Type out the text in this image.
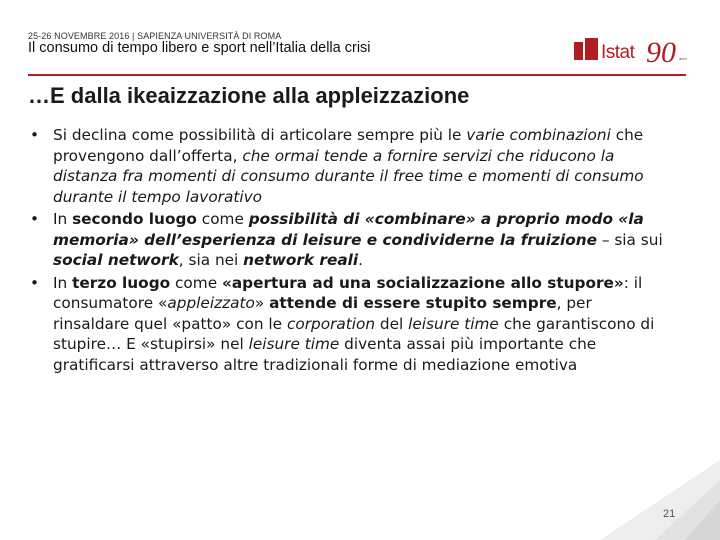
25-26 NOVEMBRE 2016 | SAPIENZA UNIVERSITÀ DI ROMA
Il consumo di tempo libero e sport nell’Italia della crisi	Istat 90 anni
…E dalla ikeaizzazione alla appleizzazione
• Si declina come possibilità di articolare sempre più le varie combinazioni che provengono dall’offerta, che ormai tende a fornire servizi che riducono la distanza fra momenti di consumo durante il free time e momenti di consumo durante il tempo lavorativo
• In secondo luogo come possibilità di «combinare» a proprio modo «la memoria» dell’esperienza di leisure e condividerne la fruizione – sia sui social network, sia nei network reali.
• In terzo luogo come «apertura ad una socializzazione allo stupore»: il consumatore «appleizzato» attende di essere stupito sempre, per rinsaldare quel «patto» con le corporation del leisure time che garantiscono di stupire… E «stupirsi» nel leisure time diventa assai più importante che gratificarsi attraverso altre tradizionali forme di mediazione emotiva
21
